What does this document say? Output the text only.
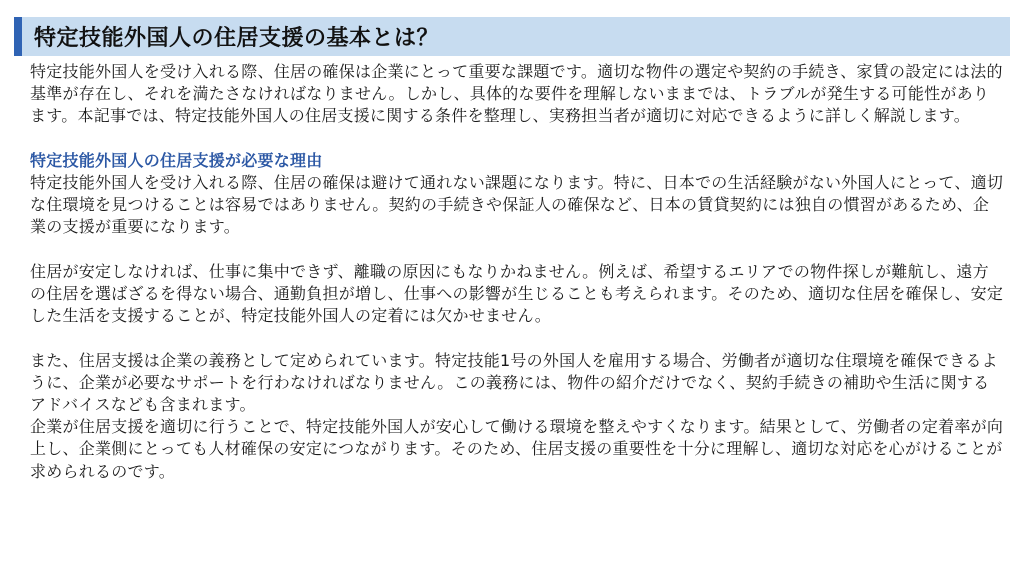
特定技能外国人の住居支援の基本とは？

特定技能外国人を受け入れる際、住居の確保は企業にとって重要な課題です。適切な物件の選定や契約の手続き、家賃の設定には法的基準が存在し、それを満たさなければなりません。しかし、具体的な要件を理解しないままでは、トラブルが発生する可能性があります。本記事では、特定技能外国人の住居支援に関する条件を整理し、実務担当者が適切に対応できるように詳しく解説します。

特定技能外国人の住居支援が必要な理由

特定技能外国人を受け入れる際、住居の確保は避けて通れない課題になります。特に、日本での生活経験がない外国人にとって、適切な住環境を見つけることは容易ではありません。契約の手続きや保証人の確保など、日本の賃貸契約には独自の慣習があるため、企業の支援が重要になります。

住居が安定しなければ、仕事に集中できず、離職の原因にもなりかねません。例えば、希望するエリアでの物件探しが難航し、遠方の住居を選ばざるを得ない場合、通勤負担が増し、仕事への影響が生じることも考えられます。そのため、適切な住居を確保し、安定した生活を支援することが、特定技能外国人の定着には欠かせません。

また、住居支援は企業の義務として定められています。特定技能1号の外国人を雇用する場合、労働者が適切な住環境を確保できるように、企業が必要なサポートを行わなければなりません。この義務には、物件の紹介だけでなく、契約手続きの補助や生活に関するアドバイスなども含まれます。

企業が住居支援を適切に行うことで、特定技能外国人が安心して働ける環境を整えやすくなります。結果として、労働者の定着率が向上し、企業側にとっても人材確保の安定につながります。そのため、住居支援の重要性を十分に理解し、適切な対応を心がけることが求められるのです。
